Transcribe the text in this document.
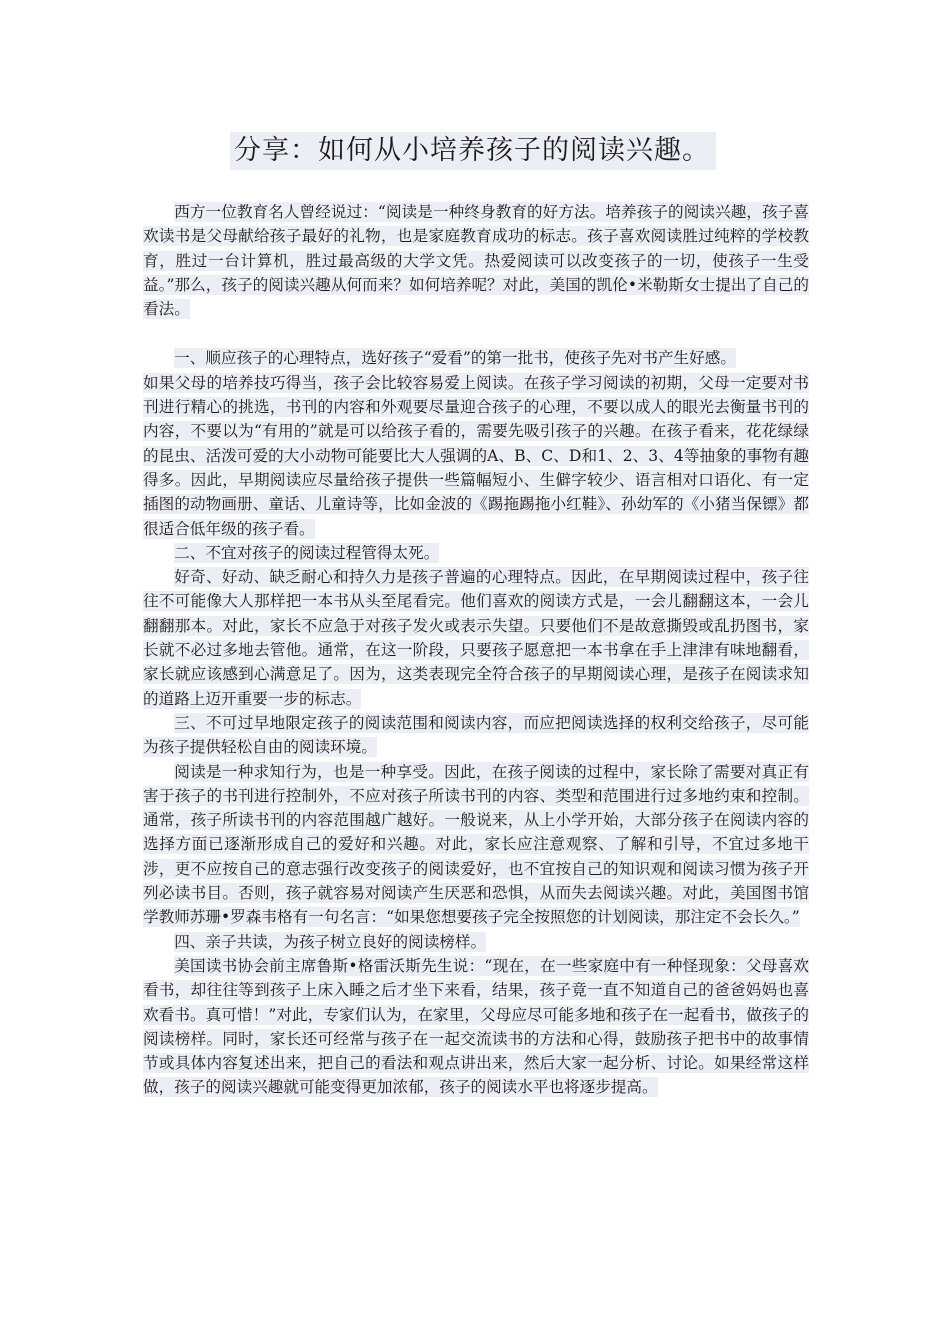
分享：如何从小培养孩子的阅读兴趣。

西方一位教育名人曾经说过：“阅读是一种终身教育的好方法。培养孩子的阅读兴趣，孩子喜欢读书是父母献给孩子最好的礼物，也是家庭教育成功的标志。孩子喜欢阅读胜过纯粹的学校教育，胜过一台计算机，胜过最高级的大学文凭。热爱阅读可以改变孩子的一切，使孩子一生受益。”那么，孩子的阅读兴趣从何而来？如何培养呢？对此，美国的凯伦•米勒斯女士提出了自己的看法。

一、顺应孩子的心理特点，选好孩子“爱看”的第一批书，使孩子先对书产生好感。

如果父母的培养技巧得当，孩子会比较容易爱上阅读。在孩子学习阅读的初期，父母一定要对书刊进行精心的挑选，书刊的内容和外观要尽量迎合孩子的心理，不要以成人的眼光去衡量书刊的内容，不要以为“有用的”就是可以给孩子看的，需要先吸引孩子的兴趣。在孩子看来，花花绿绿的昆虫、活泼可爱的大小动物可能要比大人强调的A、B、C、D和1、2、3、4等抽象的事物有趣得多。因此，早期阅读应尽量给孩子提供一些篇幅短小、生僻字较少、语言相对口语化、有一定插图的动物画册、童话、儿童诗等，比如金波的《踢拖踢拖小红鞋》、孙幼军的《小猪当保镖》都很适合低年级的孩子看。

二、不宜对孩子的阅读过程管得太死。

好奇、好动、缺乏耐心和持久力是孩子普遍的心理特点。因此，在早期阅读过程中，孩子往往不可能像大人那样把一本书从头至尾看完。他们喜欢的阅读方式是，一会儿翻翻这本，一会儿翻翻那本。对此，家长不应急于对孩子发火或表示失望。只要他们不是故意撕毁或乱扔图书，家长就不必过多地去管他。通常，在这一阶段，只要孩子愿意把一本书拿在手上津津有味地翻看，家长就应该感到心满意足了。因为，这类表现完全符合孩子的早期阅读心理，是孩子在阅读求知的道路上迈开重要一步的标志。

三、不可过早地限定孩子的阅读范围和阅读内容，而应把阅读选择的权利交给孩子，尽可能为孩子提供轻松自由的阅读环境。

阅读是一种求知行为，也是一种享受。因此，在孩子阅读的过程中，家长除了需要对真正有害于孩子的书刊进行控制外，不应对孩子所读书刊的内容、类型和范围进行过多地约束和控制。通常，孩子所读书刊的内容范围越广越好。一般说来，从上小学开始，大部分孩子在阅读内容的选择方面已逐渐形成自己的爱好和兴趣。对此，家长应注意观察、了解和引导，不宜过多地干涉，更不应按自己的意志强行改变孩子的阅读爱好，也不宜按自己的知识观和阅读习惯为孩子开列必读书目。否则，孩子就容易对阅读产生厌恶和恐惧，从而失去阅读兴趣。对此，美国图书馆学教师苏珊•罗森韦格有一句名言：“如果您想要孩子完全按照您的计划阅读，那注定不会长久。”

四、亲子共读，为孩子树立良好的阅读榜样。

美国读书协会前主席鲁斯•格雷沃斯先生说：“现在，在一些家庭中有一种怪现象：父母喜欢看书，却往往等到孩子上床入睡之后才坐下来看，结果，孩子竟一直不知道自己的爸爸妈妈也喜欢看书。真可惜！”对此，专家们认为，在家里，父母应尽可能多地和孩子在一起看书，做孩子的阅读榜样。同时，家长还可经常与孩子在一起交流读书的方法和心得，鼓励孩子把书中的故事情节或具体内容复述出来，把自己的看法和观点讲出来，然后大家一起分析、讨论。如果经常这样做，孩子的阅读兴趣就可能变得更加浓郁，孩子的阅读水平也将逐步提高。
